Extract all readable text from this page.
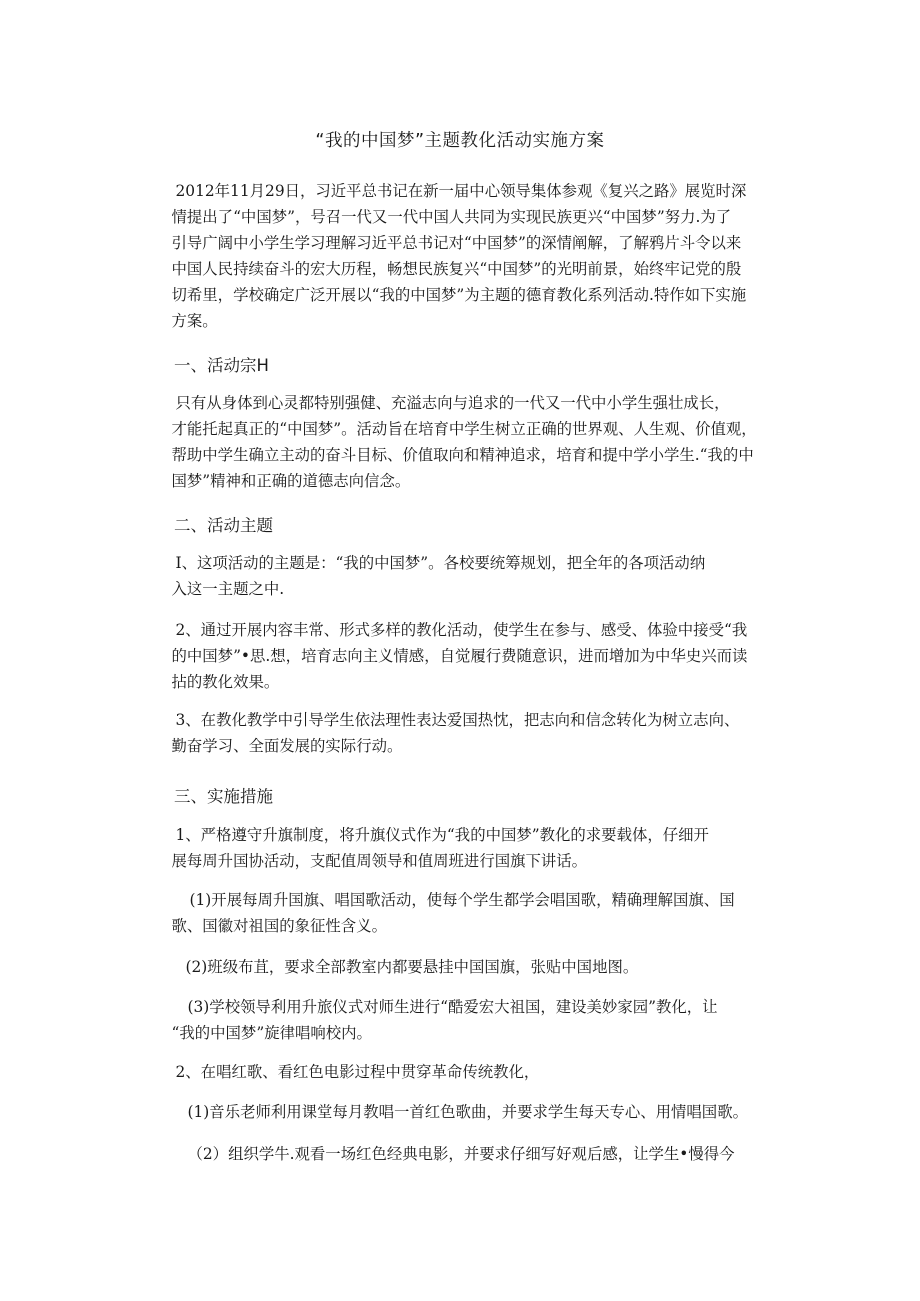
“我的中国梦”主题教化活动实施方案

2012年11月29日，习近平总书记在新一届中心领导集体参观《复兴之路》展览时深
情提出了“中国梦”，号召一代又一代中国人共同为实现民族更兴“中国梦”努力.为了
引导广阔中小学生学习理解习近平总书记对“中国梦”的深情阐解，了解鸦片斗令以来
中国人民持续奋斗的宏大历程，畅想民族复兴“中国梦”的光明前景，始终牢记党的殷
切希里，学校确定广泛开展以“我的中国梦”为主题的德育教化系列活动.特作如下实施
方案。

一、活动宗H

只有从身体到心灵都特别强健、充溢志向与追求的一代又一代中小学生强壮成长，
才能托起真正的“中国梦”。活动旨在培育中学生树立正确的世界观、人生观、价值观，
帮助中学生确立主动的奋斗目标、价值取向和精神追求，培育和提中学小学生.“我的中
国梦”精神和正确的道德志向信念。

二、活动主题

I、这项活动的主题是：“我的中国梦”。各校要统筹规划，把全年的各项活动纳
入这一主题之中.

2、通过开展内容丰常、形式多样的教化活动，使学生在参与、感受、体验中接受“我
的中国梦”•思.想，培育志向主义情感，自觉履行费随意识，进而增加为中华史兴而读
拈的教化效果。

3、在教化教学中引导学生依法理性表达爱国热忱，把志向和信念转化为树立志向、
勤奋学习、全面发展的实际行动。

三、实施措施

1、严格遵守升旗制度，将升旗仪式作为“我的中国梦”教化的求要载体，仔细开
展每周升国协活动，支配值周领导和值周班进行国旗下讲话。

(1)开展每周升国旗、唱国歌活动，使每个学生都学会唱国歌，精确理解国旗、国
歌、国徽对祖国的象征性含义。

(2)班级布苴，要求全部教室内都要悬挂中国国旗，张贴中国地图。

(3)学校领导利用升旅仪式对师生进行“酷爱宏大祖国，建设美妙家园”教化，让
“我的中国梦”旋律唱响校内。

2、在唱红歌、看红色电影过程中贯穿革命传统教化，

(1)音乐老师利用课堂每月教唱一首红色歌曲，并要求学生每天专心、用情唱国歌。

（2）组织学牛.观看一场红色经典电影，并要求仔细写好观后感，让学生•慢得今
